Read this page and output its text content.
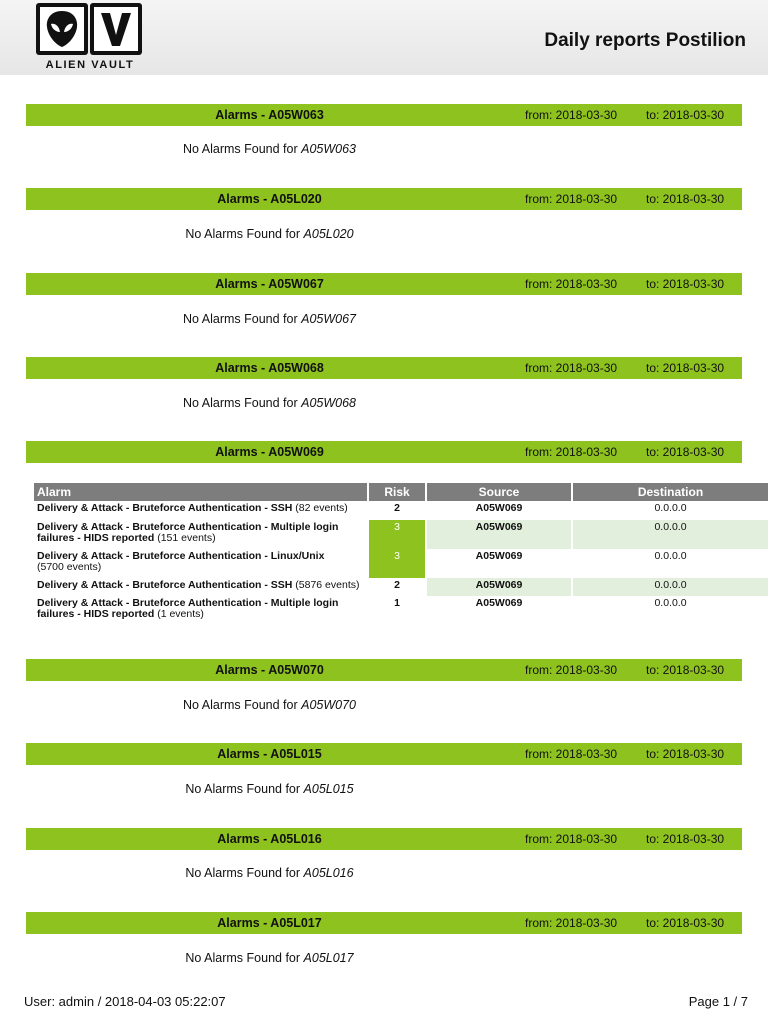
ALIEN VAULT
Daily reports Postilion
Alarms - A05W063	from: 2018-03-30 to: 2018-03-30
No Alarms Found for A05W063
Alarms - A05L020	from: 2018-03-30 to: 2018-03-30
No Alarms Found for A05L020
Alarms - A05W067	from: 2018-03-30 to: 2018-03-30
No Alarms Found for A05W067
Alarms - A05W068	from: 2018-03-30 to: 2018-03-30
No Alarms Found for A05W068
Alarms - A05W069	from: 2018-03-30 to: 2018-03-30
Alarm	Risk	Source	Destination
Delivery & Attack - Bruteforce Authentication - SSH (82 events)	2	A05W069	0.0.0.0
Delivery & Attack - Bruteforce Authentication - Multiple login failures - HIDS reported (151 events)	3	A05W069	0.0.0.0
Delivery & Attack - Bruteforce Authentication - Linux/Unix
(5700 events)	3	A05W069	0.0.0.0
Delivery & Attack - Bruteforce Authentication - SSH (5876 events)	2	A05W069	0.0.0.0
Delivery & Attack - Bruteforce Authentication - Multiple login failures - HIDS reported (1 events)	1	A05W069	0.0.0.0
Alarms - A05W070	from: 2018-03-30 to: 2018-03-30
No Alarms Found for A05W070
Alarms - A05L015	from: 2018-03-30 to: 2018-03-30
No Alarms Found for A05L015
Alarms - A05L016	from: 2018-03-30 to: 2018-03-30
No Alarms Found for A05L016
Alarms - A05L017	from: 2018-03-30 to: 2018-03-30
No Alarms Found for A05L017
User: admin / 2018-04-03 05:22:07	Page 1 / 7
